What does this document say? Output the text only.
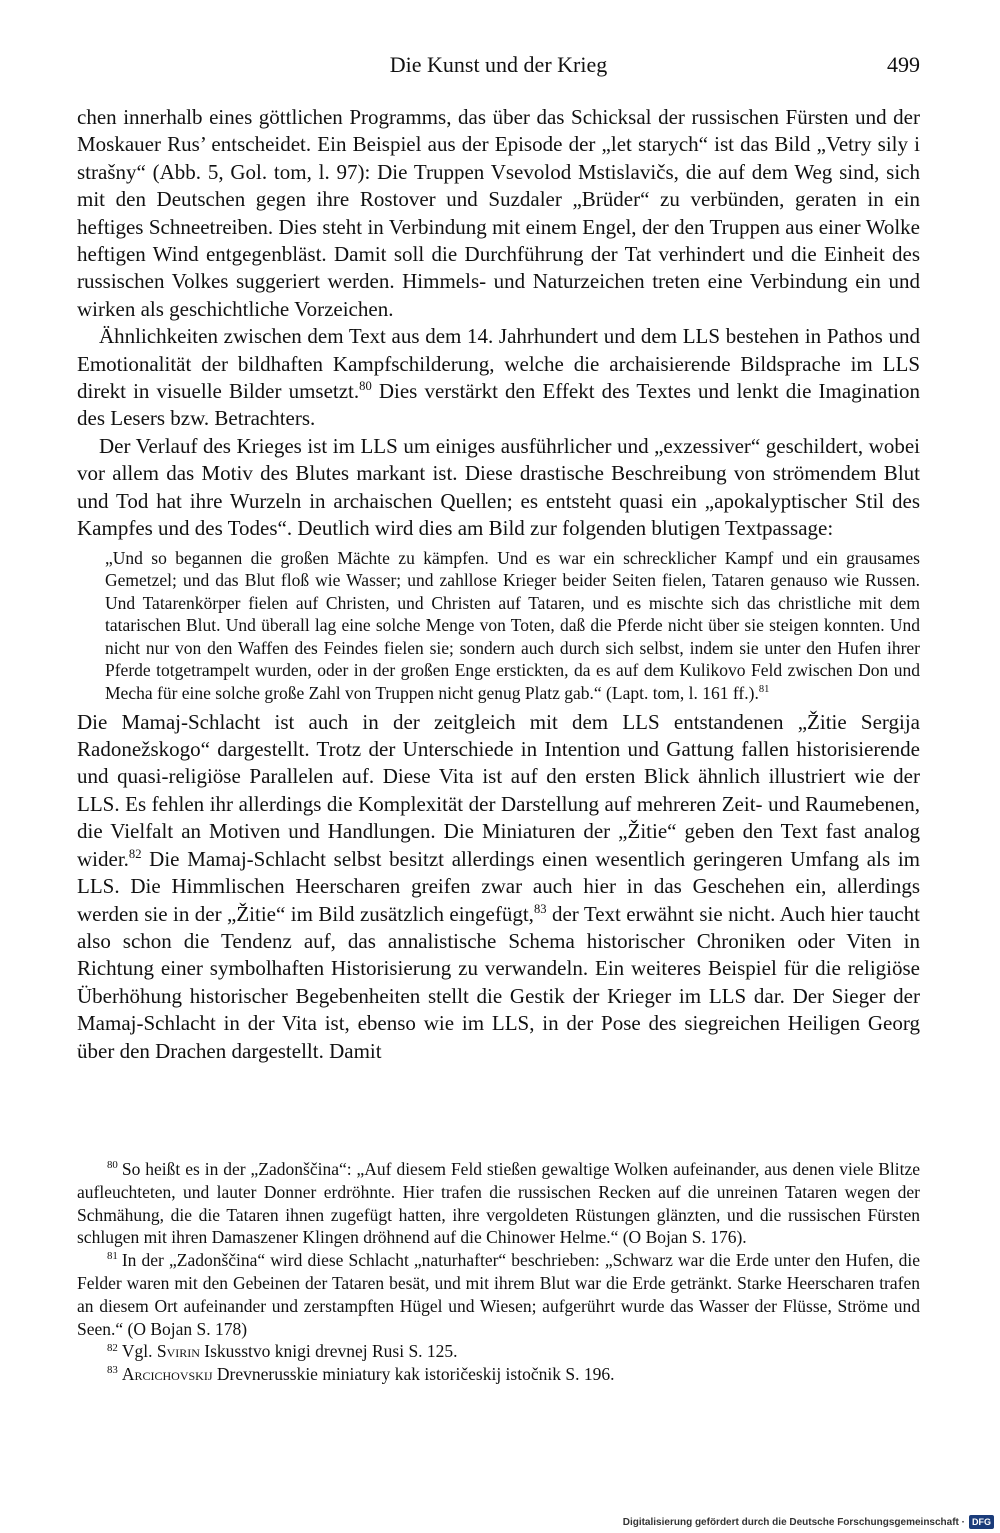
Die Kunst und der Krieg	499

chen innerhalb eines göttlichen Programms, das über das Schicksal der russischen Fürsten und der Moskauer Rus’ entscheidet. Ein Beispiel aus der Episode der „let starych“ ist das Bild „Vetry sily i strašny“ (Abb. 5, Gol. tom, l. 97): Die Truppen Vsevolod Mstislavičs, die auf dem Weg sind, sich mit den Deutschen gegen ihre Rostover und Suzdaler „Brüder“ zu verbünden, geraten in ein heftiges Schneetreiben. Dies steht in Verbindung mit einem Engel, der den Truppen aus einer Wolke heftigen Wind entgegenbläst. Damit soll die Durchführung der Tat verhindert und die Einheit des russischen Volkes suggeriert werden. Himmels- und Naturzeichen treten eine Verbindung ein und wirken als geschichtliche Vorzeichen.

Ähnlichkeiten zwischen dem Text aus dem 14. Jahrhundert und dem LLS bestehen in Pathos und Emotionalität der bildhaften Kampfschilderung, welche die archaisierende Bildsprache im LLS direkt in visuelle Bilder umsetzt.$^{80}$ Dies verstärkt den Effekt des Textes und lenkt die Imagination des Lesers bzw. Betrachters.

Der Verlauf des Krieges ist im LLS um einiges ausführlicher und „exzessiver“ geschildert, wobei vor allem das Motiv des Blutes markant ist. Diese drastische Beschreibung von strömendem Blut und Tod hat ihre Wurzeln in archaischen Quellen; es entsteht quasi ein „apokalyptischer Stil des Kampfes und des Todes“. Deutlich wird dies am Bild zur folgenden blutigen Textpassage:

„Und so begannen die großen Mächte zu kämpfen. Und es war ein schrecklicher Kampf und ein grausames Gemetzel; und das Blut floß wie Wasser; und zahllose Krieger beider Seiten fielen, Tataren genauso wie Russen. Und Tatarenkörper fielen auf Christen, und Christen auf Tataren, und es mischte sich das christliche mit dem tatarischen Blut. Und überall lag eine solche Menge von Toten, daß die Pferde nicht über sie steigen konnten. Und nicht nur von den Waffen des Feindes fielen sie; sondern auch durch sich selbst, indem sie unter den Hufen ihrer Pferde totgetrampelt wurden, oder in der großen Enge erstickten, da es auf dem Kulikovo Feld zwischen Don und Mecha für eine solche große Zahl von Truppen nicht genug Platz gab.“ (Lapt. tom, l. 161 ff.).$^{81}$

Die Mamaj-Schlacht ist auch in der zeitgleich mit dem LLS entstandenen „Žitie Sergija Radonežskogo“ dargestellt. Trotz der Unterschiede in Intention und Gattung fallen historisierende und quasi-religiöse Parallelen auf. Diese Vita ist auf den ersten Blick ähnlich illustriert wie der LLS. Es fehlen ihr allerdings die Komplexität der Darstellung auf mehreren Zeit- und Raumebenen, die Vielfalt an Motiven und Handlungen. Die Miniaturen der „Žitie“ geben den Text fast analog wider.$^{82}$ Die Mamaj-Schlacht selbst besitzt allerdings einen wesentlich geringeren Umfang als im LLS. Die Himmlischen Heerscharen greifen zwar auch hier in das Geschehen ein, allerdings werden sie in der „Žitie“ im Bild zusätzlich eingefügt,$^{83}$ der Text erwähnt sie nicht. Auch hier taucht also schon die Tendenz auf, das annalistische Schema historischer Chroniken oder Viten in Richtung einer symbolhaften Historisierung zu verwandeln. Ein weiteres Beispiel für die religiöse Überhöhung historischer Begebenheiten stellt die Gestik der Krieger im LLS dar. Der Sieger der Mamaj-Schlacht in der Vita ist, ebenso wie im LLS, in der Pose des siegreichen Heiligen Georg über den Drachen dargestellt. Damit

$^{80}$ So heißt es in der „Zadonščina“: „Auf diesem Feld stießen gewaltige Wolken aufeinander, aus denen viele Blitze aufleuchteten, und lauter Donner erdröhnte. Hier trafen die russischen Recken auf die unreinen Tataren wegen der Schmähung, die die Tataren ihnen zugefügt hatten, ihre vergoldeten Rüstungen glänzten, und die russischen Fürsten schlugen mit ihren Damaszener Klingen dröhnend auf die Chinower Helme.“ (O Bojan S. 176).

$^{81}$ In der „Zadonščina“ wird diese Schlacht „naturhafter“ beschrieben: „Schwarz war die Erde unter den Hufen, die Felder waren mit den Gebeinen der Tataren besät, und mit ihrem Blut war die Erde getränkt. Starke Heerscharen trafen an diesem Ort aufeinander und zerstampften Hügel und Wiesen; aufgerührt wurde das Wasser der Flüsse, Ströme und Seen.“ (O Bojan S. 178)

$^{82}$ Vgl. Svirin Iskusstvo knigi drevnej Rusi S. 125.

$^{83}$ Arcichovskij Drevnerusskie miniatury kak istoričeskij istočnik S. 196.

Digitalisierung gefördert durch die Deutsche Forschungsgemeinschaft · DFG
